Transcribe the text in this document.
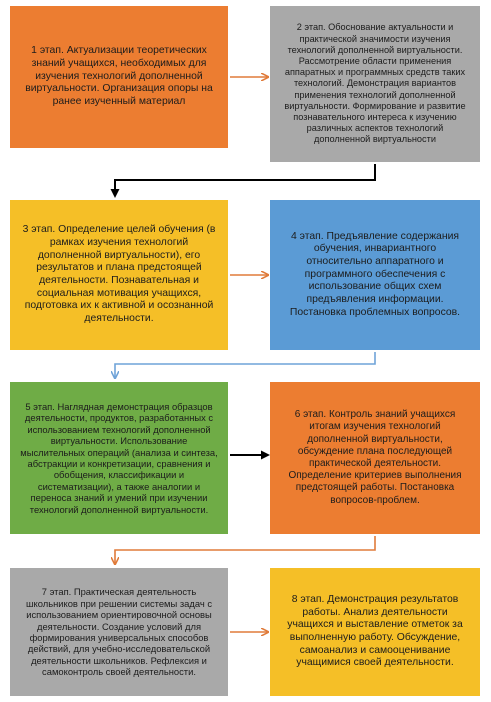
1 этап. Актуализации теоретических знаний учащихся, необходимых для изучения технологий дополненной виртуальности. Организация опоры на ранее изученный материал
2 этап. Обоснование актуальности и практической значимости изучения технологий дополненной виртуальности. Рассмотрение области применения аппаратных и программных средств таких технологий. Демонстрация вариантов применения технологий дополненной виртуальности. Формирование и развитие познавательного интереса к изучению различных аспектов технологий дополненной виртуальности
3 этап. Определение целей обучения (в рамках изучения технологий дополненной виртуальности), его результатов и плана предстоящей деятельности. Познавательная и социальная мотивация учащихся, подготовка их к активной и осознанной деятельности.
4 этап. Предъявление содержания обучения, инвариантного относительно аппаратного и программного обеспечения с использование общих схем предъявления информации. Постановка проблемных вопросов.
5 этап. Наглядная демонстрация образцов деятельности, продуктов, разработанных с использованием технологий дополненной виртуальности. Использование мыслительных операций (анализа и синтеза, абстракции и конкретизации, сравнения и обобщения, классификации и систематизации), а также аналогии и переноса знаний и умений при изучении технологий дополненной виртуальности.
6 этап. Контроль знаний учащихся итогам изучения технологий дополненной виртуальности, обсуждение плана последующей практической деятельности. Определение критериев выполнения предстоящей работы. Постановка вопросов-проблем.
7 этап. Практическая деятельность школьников при решении системы задач с использованием ориентировочной основы деятельности. Создание условий для формирования универсальных способов действий, для учебно-исследовательской деятельности школьников. Рефлексия и самоконтроль своей деятельности.
8 этап. Демонстрация результатов работы. Анализ деятельности учащихся и выставление отметок за выполненную работу. Обсуждение, самоанализ и самооценивание учащимися своей деятельности.
